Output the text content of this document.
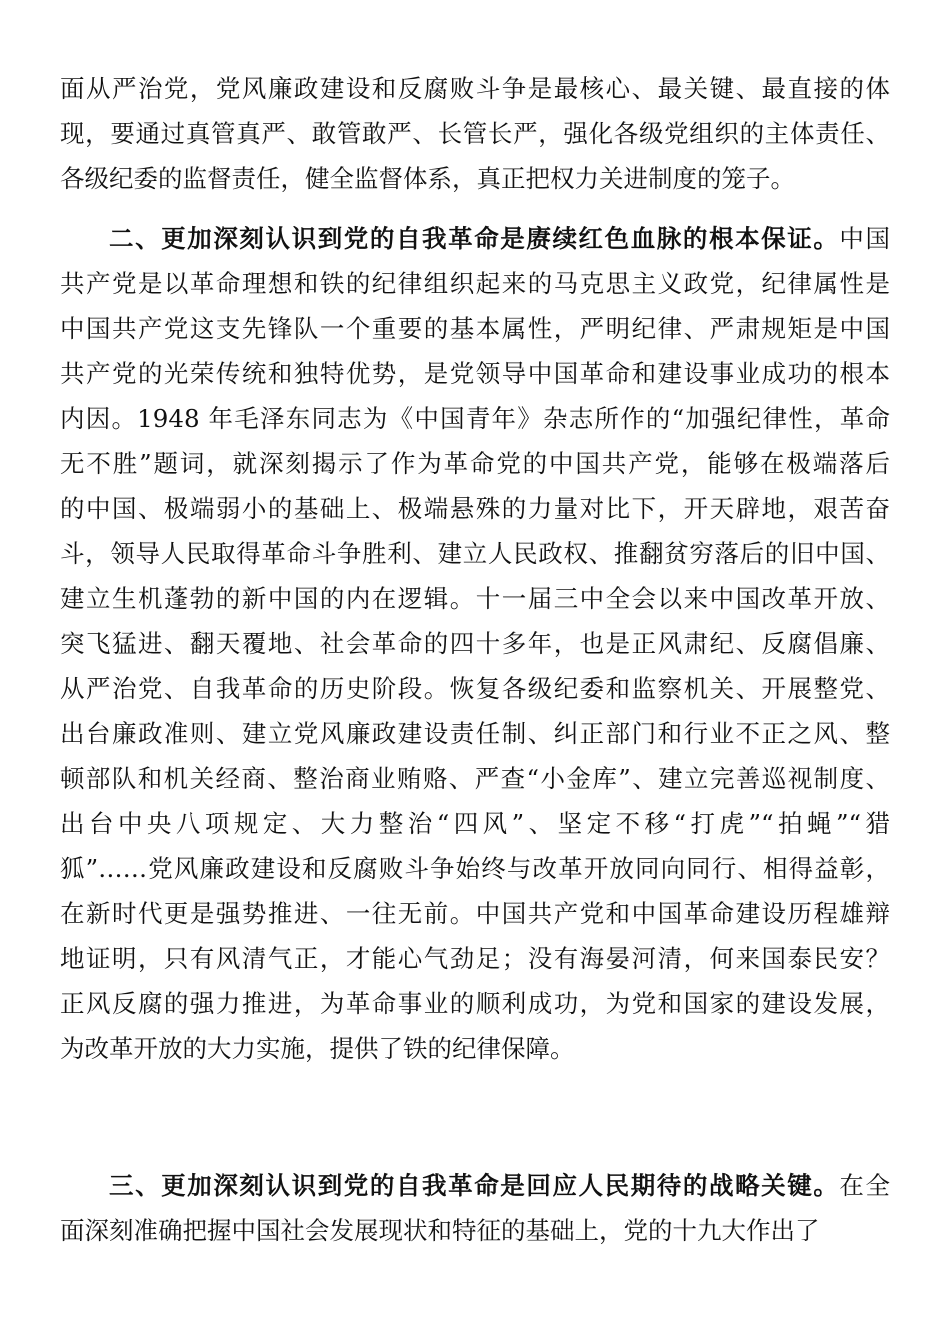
面从严治党，党风廉政建设和反腐败斗争是最核心、最关键、最直接的体
现，要通过真管真严、敢管敢严、长管长严，强化各级党组织的主体责任、
各级纪委的监督责任，健全监督体系，真正把权力关进制度的笼子。
二、更加深刻认识到党的自我革命是赓续红色血脉的根本保证。中国
共产党是以革命理想和铁的纪律组织起来的马克思主义政党，纪律属性是
中国共产党这支先锋队一个重要的基本属性，严明纪律、严肃规矩是中国
共产党的光荣传统和独特优势，是党领导中国革命和建设事业成功的根本
内因。1948 年毛泽东同志为《中国青年》杂志所作的“加强纪律性，革命
无不胜”题词，就深刻揭示了作为革命党的中国共产党，能够在极端落后
的中国、极端弱小的基础上、极端悬殊的力量对比下，开天辟地，艰苦奋
斗，领导人民取得革命斗争胜利、建立人民政权、推翻贫穷落后的旧中国、
建立生机蓬勃的新中国的内在逻辑。十一届三中全会以来中国改革开放、
突飞猛进、翻天覆地、社会革命的四十多年，也是正风肃纪、反腐倡廉、
从严治党、自我革命的历史阶段。恢复各级纪委和监察机关、开展整党、
出台廉政准则、建立党风廉政建设责任制、纠正部门和行业不正之风、整
顿部队和机关经商、整治商业贿赂、严查“小金库”、建立完善巡视制度、
出台中央八项规定、大力整治“四风”、坚定不移“打虎”“拍蝇”“猎
狐”……党风廉政建设和反腐败斗争始终与改革开放同向同行、相得益彰，
在新时代更是强势推进、一往无前。中国共产党和中国革命建设历程雄辩
地证明，只有风清气正，才能心气劲足；没有海晏河清，何来国泰民安？
正风反腐的强力推进，为革命事业的顺利成功，为党和国家的建设发展，
为改革开放的大力实施，提供了铁的纪律保障。
三、更加深刻认识到党的自我革命是回应人民期待的战略关键。在全
面深刻准确把握中国社会发展现状和特征的基础上，党的十九大作出了
